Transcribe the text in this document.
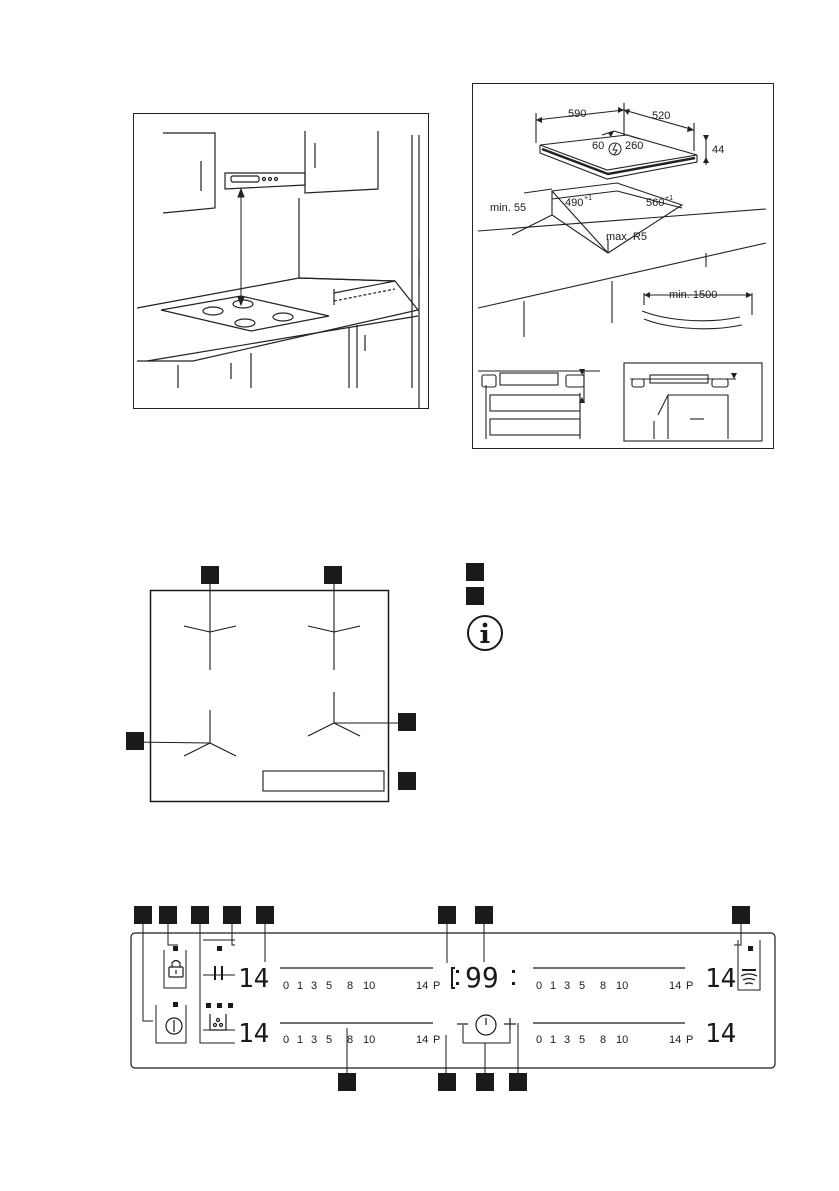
590	520
44
60 260
490 +1	560 +1
min. 55
max. R5
min. 1500
14
14
14
14
99
0 1 3 5 8 10	14 P
0 1 3 5 8 10	14 P
0 1 3 5 8 10	14 P
0 1 3 5 8 10	14 P
